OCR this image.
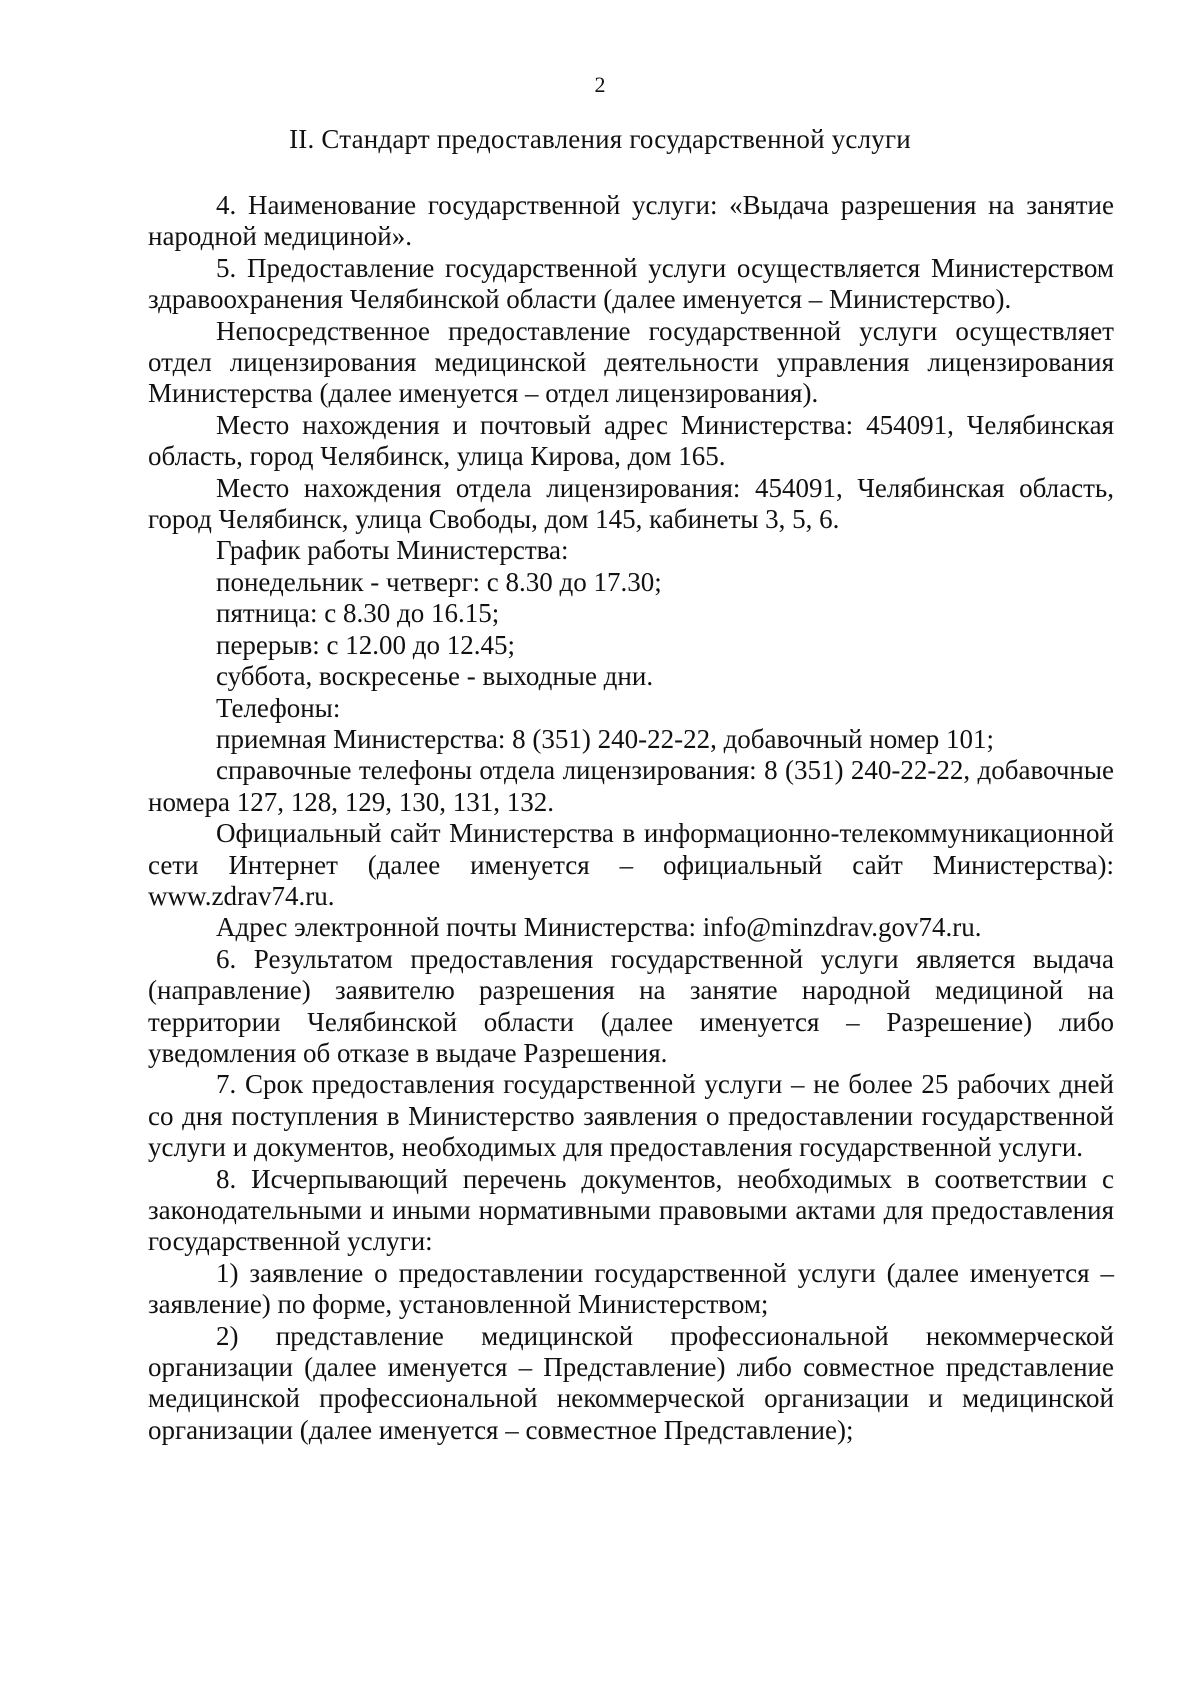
2
II. Стандарт предоставления государственной услуги

4. Наименование государственной услуги: «Выдача разрешения на занятие народной медициной».

5. Предоставление государственной услуги осуществляется Министерством здравоохранения Челябинской области (далее именуется – Министерство).

Непосредственное предоставление государственной услуги осуществляет отдел лицензирования медицинской деятельности управления лицензирования Министерства (далее именуется – отдел лицензирования).

Место нахождения и почтовый адрес Министерства: 454091, Челябинская область, город Челябинск, улица Кирова, дом 165.

Место нахождения отдела лицензирования: 454091, Челябинская область, город Челябинск, улица Свободы, дом 145, кабинеты 3, 5, 6.

График работы Министерства:

понедельник - четверг: с 8.30 до 17.30;

пятница: с 8.30 до 16.15;

перерыв: с 12.00 до 12.45;

суббота, воскресенье - выходные дни.

Телефоны:

приемная Министерства: 8 (351) 240-22-22, добавочный номер 101;

справочные телефоны отдела лицензирования: 8 (351) 240-22-22, добавочные номера 127, 128, 129, 130, 131, 132.

Официальный сайт Министерства в информационно-телекоммуникационной сети Интернет (далее именуется – официальный сайт Министерства): www.zdrav74.ru.

Адрес электронной почты Министерства: info@minzdrav.gov74.ru.

6. Результатом предоставления государственной услуги является выдача (направление) заявителю разрешения на занятие народной медициной на территории Челябинской области (далее именуется – Разрешение) либо уведомления об отказе в выдаче Разрешения.

7. Срок предоставления государственной услуги – не более 25 рабочих дней со дня поступления в Министерство заявления о предоставлении государственной услуги и документов, необходимых для предоставления государственной услуги.

8. Исчерпывающий перечень документов, необходимых в соответствии с законодательными и иными нормативными правовыми актами для предоставления государственной услуги:

1) заявление о предоставлении государственной услуги (далее именуется – заявление) по форме, установленной Министерством;

2) представление медицинской профессиональной некоммерческой организации (далее именуется – Представление) либо совместное представление медицинской профессиональной некоммерческой организации и медицинской организации (далее именуется – совместное Представление);
